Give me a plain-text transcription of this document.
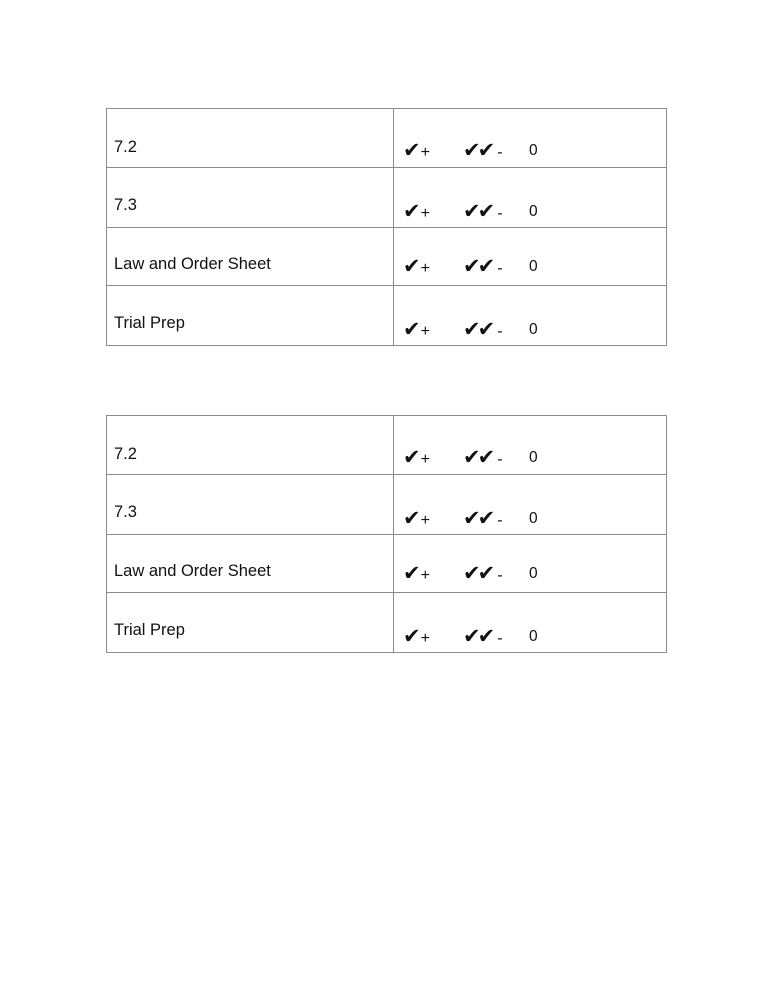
7.2	✔+ ✔✔ - 0

7.3	✔+ ✔✔ - 0

Law and Order Sheet	✔+ ✔✔ - 0

Trial Prep	✔+ ✔✔ - 0
7.2	✔+ ✔✔ - 0

7.3	✔+ ✔✔ - 0

Law and Order Sheet	✔+ ✔✔ - 0

Trial Prep	✔+ ✔✔ - 0
